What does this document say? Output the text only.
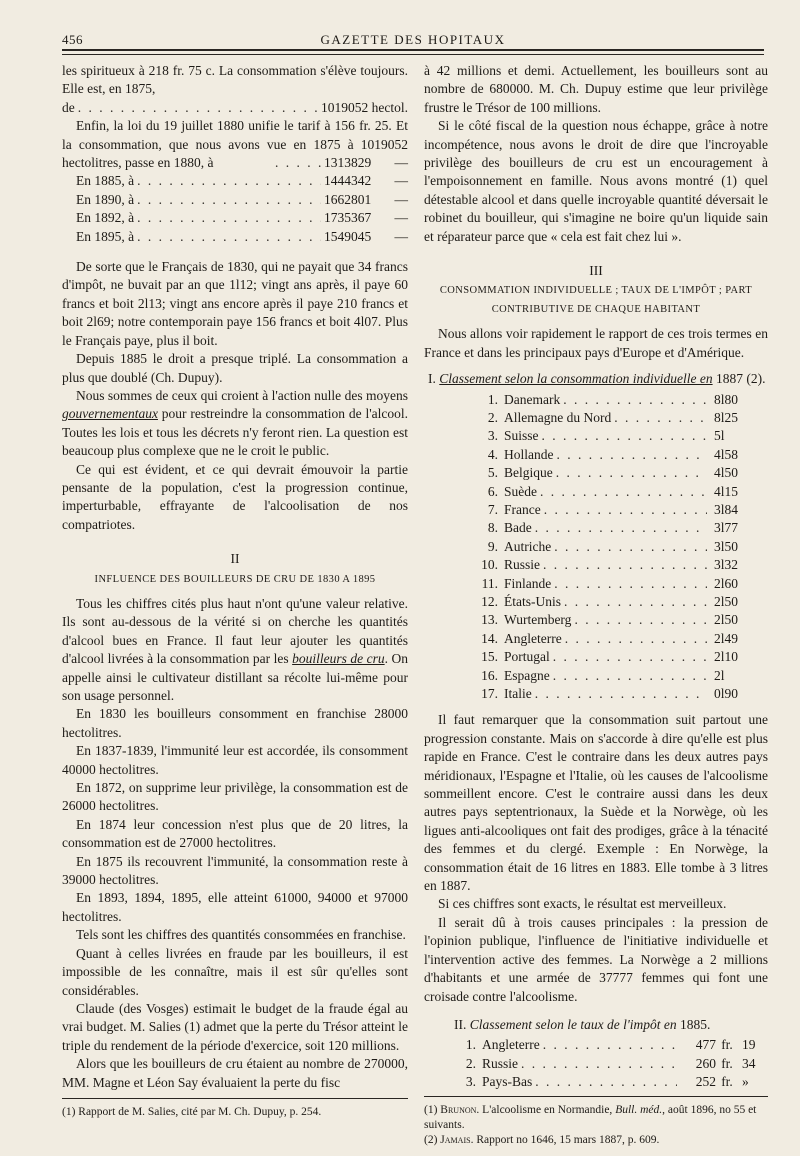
456	GAZETTE DES HOPITAUX

les spiritueux à 218 fr. 75 c. La consommation s'élève toujours. Elle est, en 1875,

de . . .	1019052 hectol.

Enfin, la loi du 19 juillet 1880 unifie le tarif à 156 fr. 25. Et la consommation, que nous avons vue en 1875 à 1019052 hectolitres, passe en 1880, à . . .	1313829	—
En 1885, à . . .	1444342	—
En 1890, à . . .	1662801	—
En 1892, à . . .	1735367	—
En 1895, à . . .	1549045	—

De sorte que le Français de 1830, qui ne payait que 34 francs d'impôt, ne buvait par an que 1l12; vingt ans après, il paye 60 francs et boit 2l13; vingt ans encore après il paye 210 francs et boit 2l69; notre contemporain paye 156 francs et boit 4l07. Plus le Français paye, plus il boit.

Depuis 1885 le droit a presque triplé. La consommation a plus que doublé (Ch. Dupuy).

Nous sommes de ceux qui croient à l'action nulle des moyens gouvernementaux pour restreindre la consommation de l'alcool. Toutes les lois et tous les décrets n'y feront rien. La question est beaucoup plus complexe que ne le croit le public.

Ce qui est évident, et ce qui devrait émouvoir la partie pensante de la population, c'est la progression continue, imperturbable, effrayante de l'alcoolisation de nos compatriotes.

II
INFLUENCE DES BOUILLEURS DE CRU DE 1830 A 1895

Tous les chiffres cités plus haut n'ont qu'une valeur relative. Ils sont au-dessous de la vérité si on cherche les quantités d'alcool bues en France. Il faut leur ajouter les quantités d'alcool livrées à la consommation par les bouilleurs de cru. On appelle ainsi le cultivateur distillant sa récolte lui-même pour son usage personnel.

En 1830 les bouilleurs consomment en franchise 28000 hectolitres.

En 1837-1839, l'immunité leur est accordée, ils consomment 40000 hectolitres.

En 1872, on supprime leur privilège, la consommation est de 26000 hectolitres.

En 1874 leur concession n'est plus que de 20 litres, la consommation est de 27000 hectolitres.

En 1875 ils recouvrent l'immunité, la consommation reste à 39000 hectolitres.

En 1893, 1894, 1895, elle atteint 61000, 94000 et 97000 hectolitres.

Tels sont les chiffres des quantités consommées en franchise.

Quant à celles livrées en fraude par les bouilleurs, il est impossible de les connaître, mais il est sûr qu'elles sont considérables.

Claude (des Vosges) estimait le budget de la fraude égal au vrai budget. M. Salies (1) admet que la perte du Trésor atteint le triple du rendement de la période d'exercice, soit 120 millions.

Alors que les bouilleurs de cru étaient au nombre de 270000, MM. Magne et Léon Say évaluaient la perte du fisc

(1) Rapport de M. Salies, cité par M. Ch. Dupuy, p. 254.

à 42 millions et demi. Actuellement, les bouilleurs sont au nombre de 680000. M. Ch. Dupuy estime que leur privilège frustre le Trésor de 100 millions.

Si le côté fiscal de la question nous échappe, grâce à notre incompétence, nous avons le droit de dire que l'incroyable privilège des bouilleurs de cru est un encouragement à l'empoisonnement en famille. Nous avons montré (1) quel détestable alcool et dans quelle incroyable quantité déversait le robinet du bouilleur, qui s'imagine ne boire qu'un liquide sain et réparateur parce que « cela est fait chez lui ».

III
CONSOMMATION INDIVIDUELLE ; TAUX DE L'IMPÔT ; PART CONTRIBUTIVE DE CHAQUE HABITANT

Nous allons voir rapidement le rapport de ces trois termes en France et dans les principaux pays d'Europe et d'Amérique.

I. Classement selon la consommation individuelle en 1887 (2).
1. Danemark . . .	8l80
2. Allemagne du Nord . . .	8l25
3. Suisse . . .	5l
4. Hollande . . .	4l58
5. Belgique . . .	4l50
6. Suède . . .	4l15
7. France . . .	3l84
8. Bade . . .	3l77
9. Autriche . . .	3l50
10. Russie . . .	3l32
11. Finlande . . .	2l60
12. États-Unis . . .	2l50
13. Wurtemberg . . .	2l50
14. Angleterre . . .	2l49
15. Portugal . . .	2l10
16. Espagne . . .	2l
17. Italie . . .	0l90

Il faut remarquer que la consommation suit partout une progression constante. Mais on s'accorde à dire qu'elle est plus rapide en France. C'est le contraire dans les deux autres pays méridionaux, l'Espagne et l'Italie, où les causes de l'alcoolisme sommeillent encore. C'est le contraire aussi dans les deux autres pays septentrionaux, la Suède et la Norwège, où les ligues anti-alcooliques ont fait des prodiges, grâce à la ténacité des femmes et du clergé. Exemple : En Norwège, la consommation était de 16 litres en 1883. Elle tombe à 3 litres en 1887.

Si ces chiffres sont exacts, le résultat est merveilleux.

Il serait dû à trois causes principales : la pression de l'opinion publique, l'influence de l'initiative individuelle et l'intervention active des femmes. La Norwège a 2 millions d'habitants et une armée de 37777 femmes qui font une croisade contre l'alcoolisme.

II. Classement selon le taux de l'impôt en 1885.
1. Angleterre . . .	477 fr. 19
2. Russie . . .	260 fr. 34
3. Pays-Bas . . .	252 fr. »
(1) Brunon. L'alcoolisme en Normandie, Bull. méd., août 1896, no 55 et suivants.
(2) Jamais. Rapport no 1646, 15 mars 1887, p. 609.
